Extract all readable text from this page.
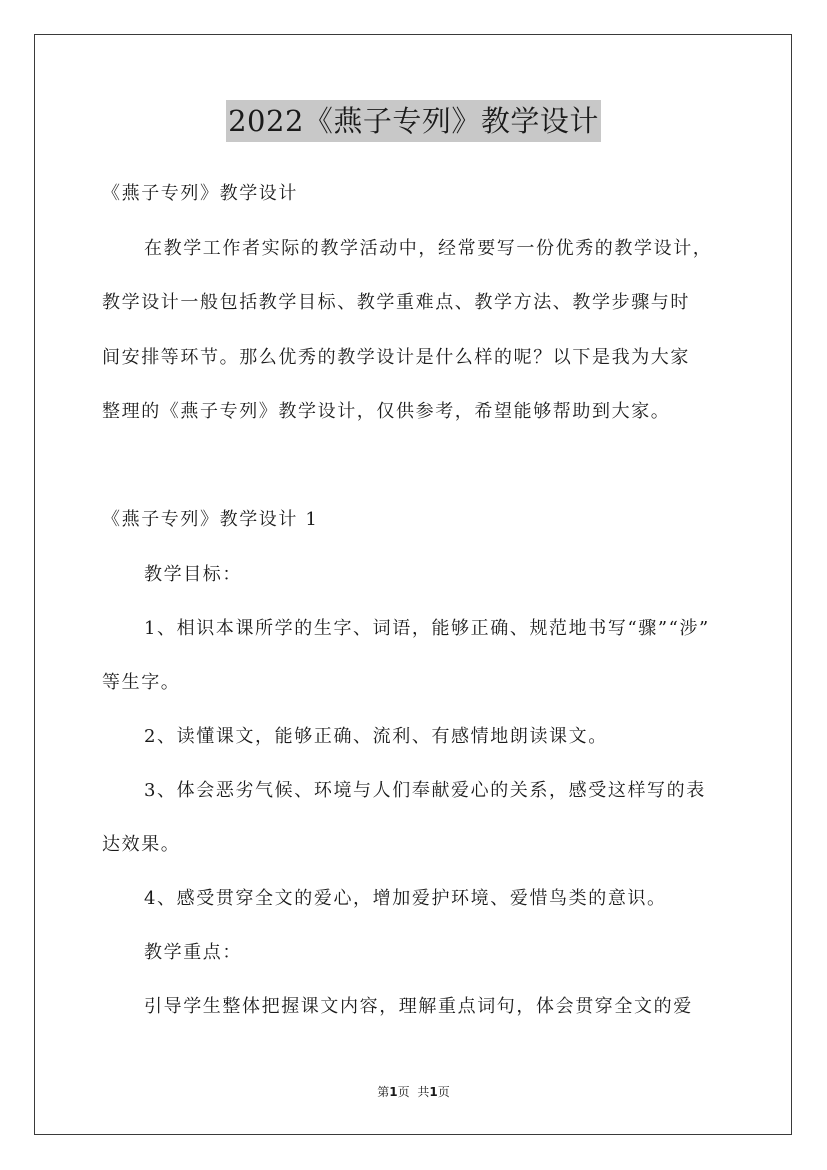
2022《燕子专列》教学设计
《燕子专列》教学设计
在教学工作者实际的教学活动中，经常要写一份优秀的教学设计，
教学设计一般包括教学目标、教学重难点、教学方法、教学步骤与时
间安排等环节。那么优秀的教学设计是什么样的呢？以下是我为大家
整理的《燕子专列》教学设计，仅供参考，希望能够帮助到大家。
《燕子专列》教学设计 1
教学目标：
1、相识本课所学的生字、词语，能够正确、规范地书写“骤”“涉”
等生字。
2、读懂课文，能够正确、流利、有感情地朗读课文。
3、体会恶劣气候、环境与人们奉献爱心的关系，感受这样写的表
达效果。
4、感受贯穿全文的爱心，增加爱护环境、爱惜鸟类的意识。
教学重点：
引导学生整体把握课文内容，理解重点词句，体会贯穿全文的爱
第1页 共1页
